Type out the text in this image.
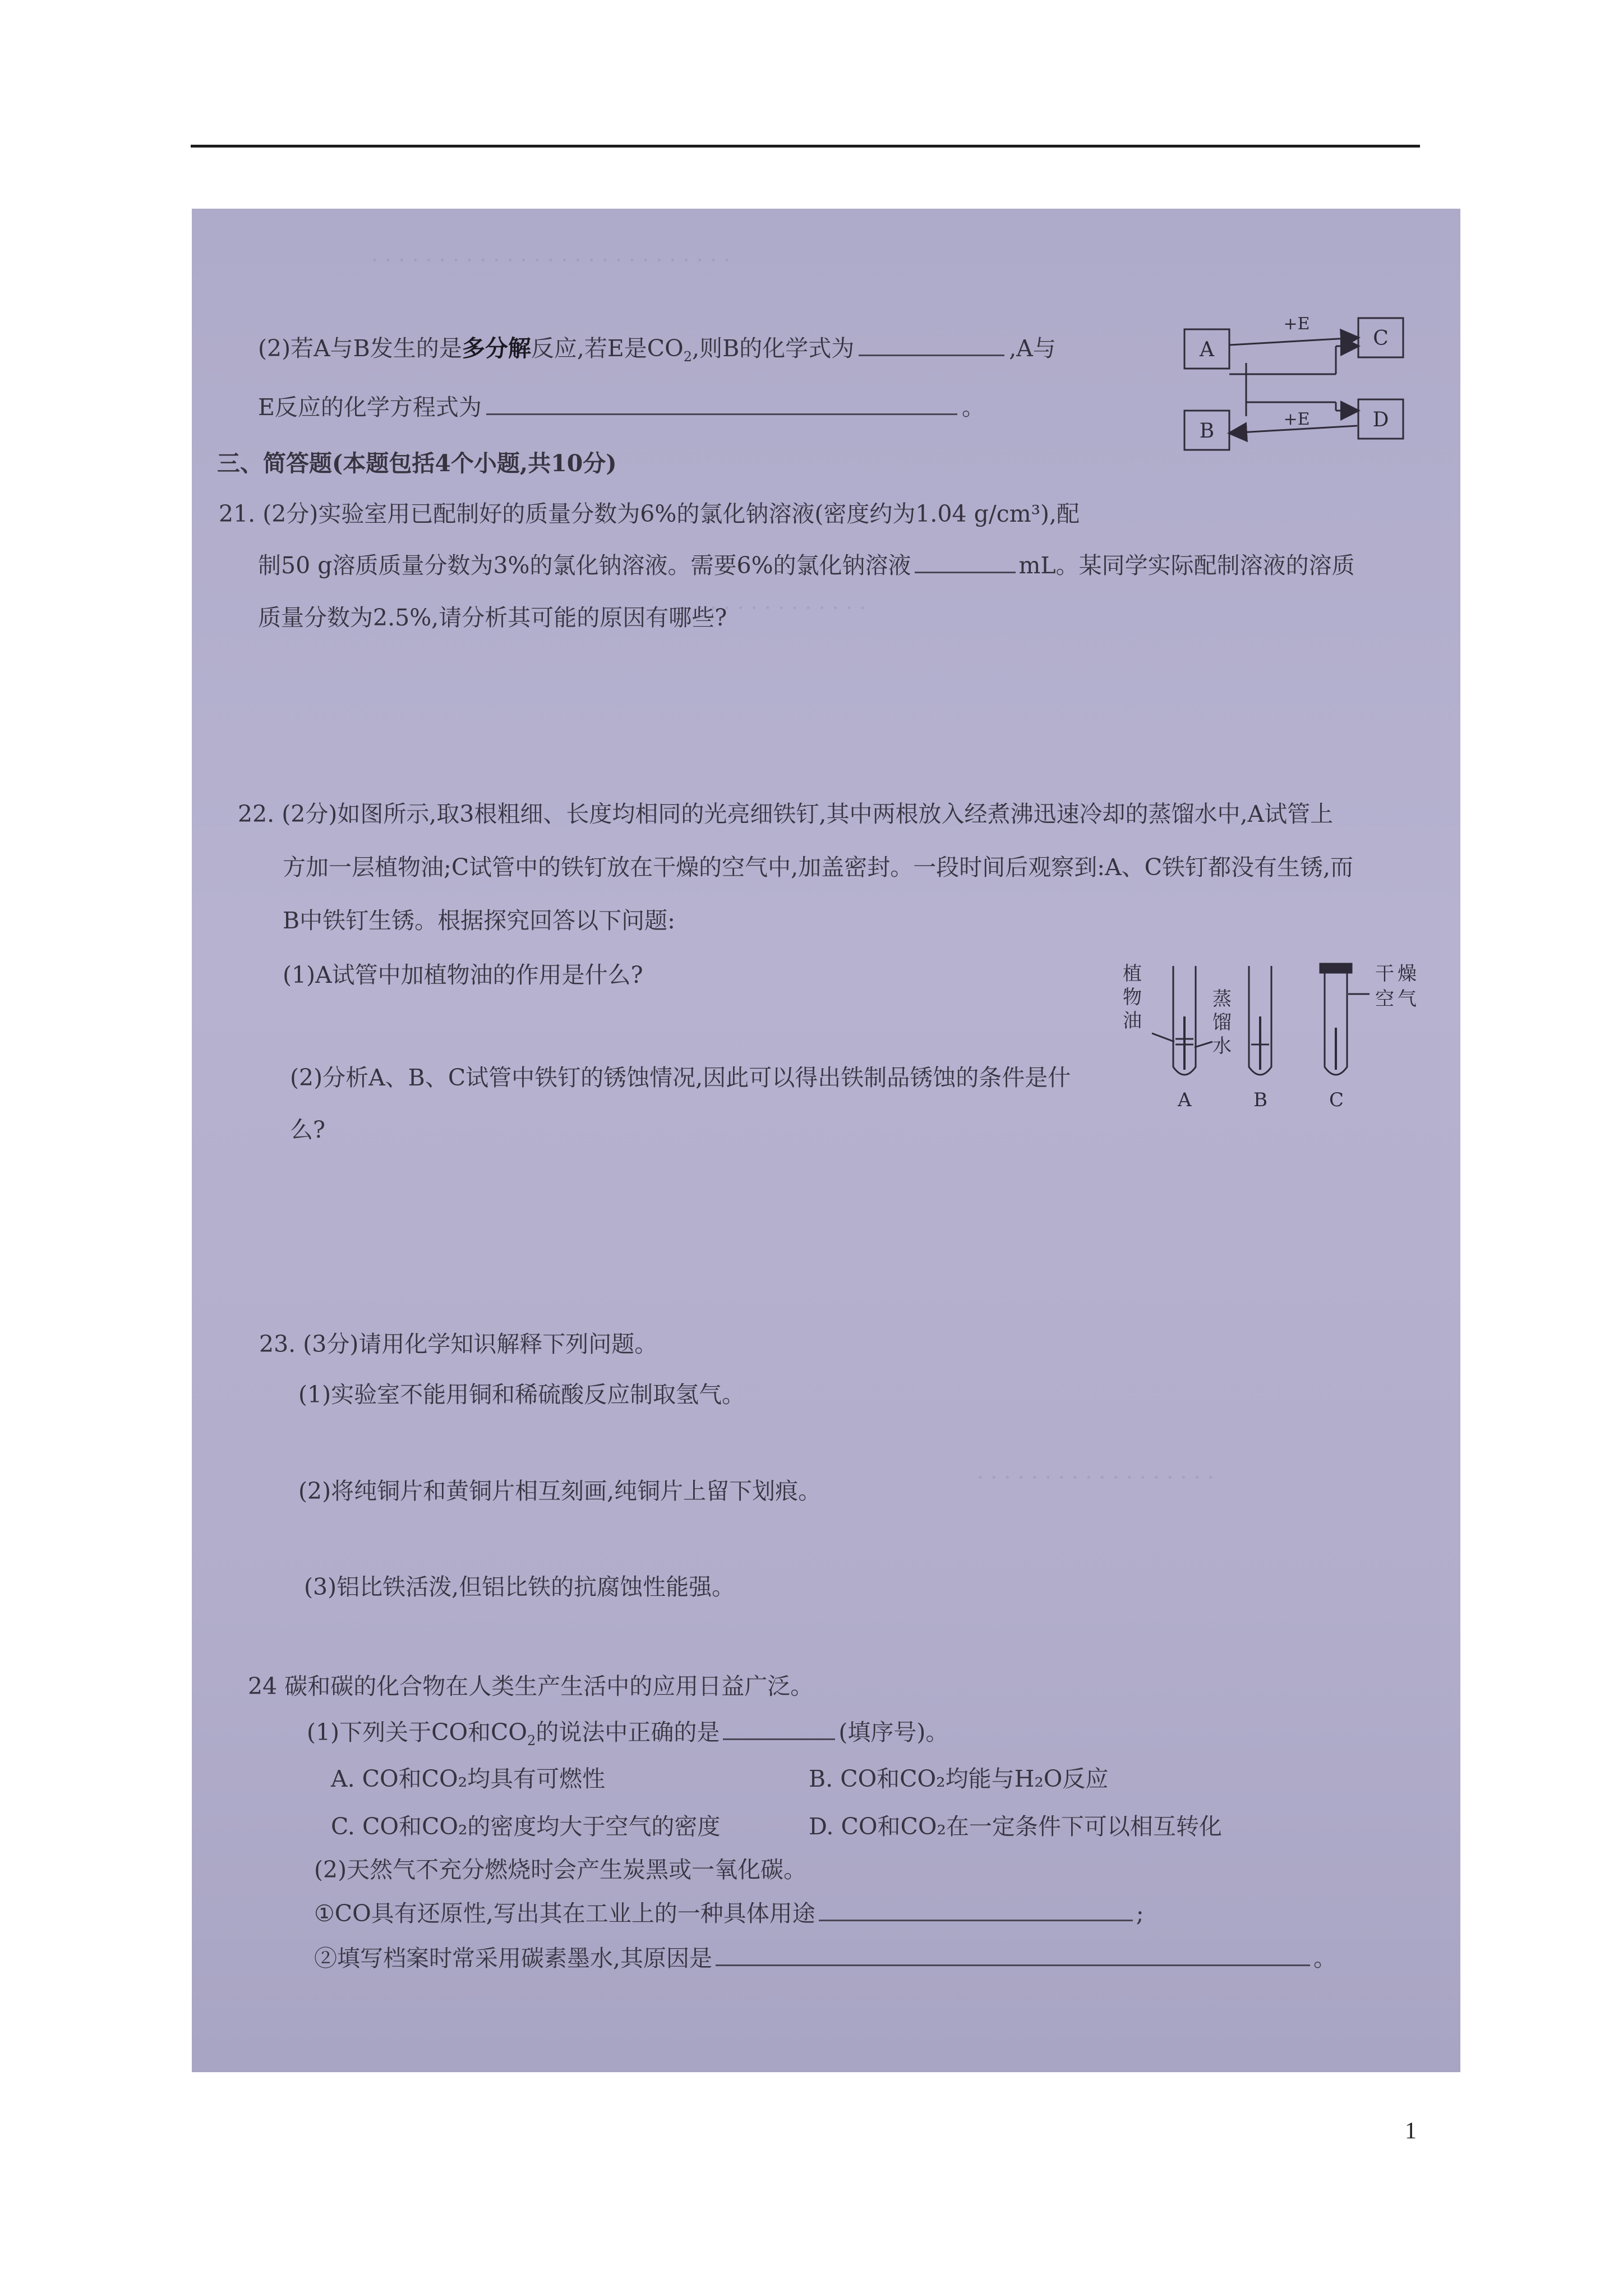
· · · · · · · · · · · · · · · · · · · · · · · · · · ·
· · · · · · · · · · · · ·
· · · · · · · · · · · · · · · · · ·
(2)若A与B发生的是多分解反应,若E是$CO_2$,则B的化学式为	,A与
E反应的化学方程式为	。
A
B
C
D
+E
+E
三、简答题(本题包括4个小题,共10分)
21. (2分)实验室用已配制好的质量分数为6%的氯化钠溶液(密度约为1.04 g/cm³),配
制50 g溶质质量分数为3%的氯化钠溶液。需要6%的氯化钠溶液	mL。某同学实际配制溶液的溶质
质量分数为2.5%,请分析其可能的原因有哪些?
22. (2分)如图所示,取3根粗细、长度均相同的光亮细铁钉,其中两根放入经煮沸迅速冷却的蒸馏水中,A试管上
方加一层植物油;C试管中的铁钉放在干燥的空气中,加盖密封。一段时间后观察到:A、C铁钉都没有生锈,而
B中铁钉生锈。根据探究回答以下问题:
(1)A试管中加植物油的作用是什么?
(2)分析A、B、C试管中铁钉的锈蚀情况,因此可以得出铁制品锈蚀的条件是什
么?
植
物
油
蒸
馏
水
干 燥
空 气
A	B	C
23. (3分)请用化学知识解释下列问题。
(1)实验室不能用铜和稀硫酸反应制取氢气。
(2)将纯铜片和黄铜片相互刻画,纯铜片上留下划痕。
(3)铝比铁活泼,但铝比铁的抗腐蚀性能强。
24 碳和碳的化合物在人类生产生活中的应用日益广泛。
(1)下列关于CO和$CO_2$的说法中正确的是	(填序号)。
A. CO和CO₂均具有可燃性	B. CO和CO₂均能与H₂O反应
C. CO和CO₂的密度均大于空气的密度	D. CO和CO₂在一定条件下可以相互转化
(2)天然气不充分燃烧时会产生炭黑或一氧化碳。
①CO具有还原性,写出其在工业上的一种具体用途	;
②填写档案时常采用碳素墨水,其原因是	。
1
